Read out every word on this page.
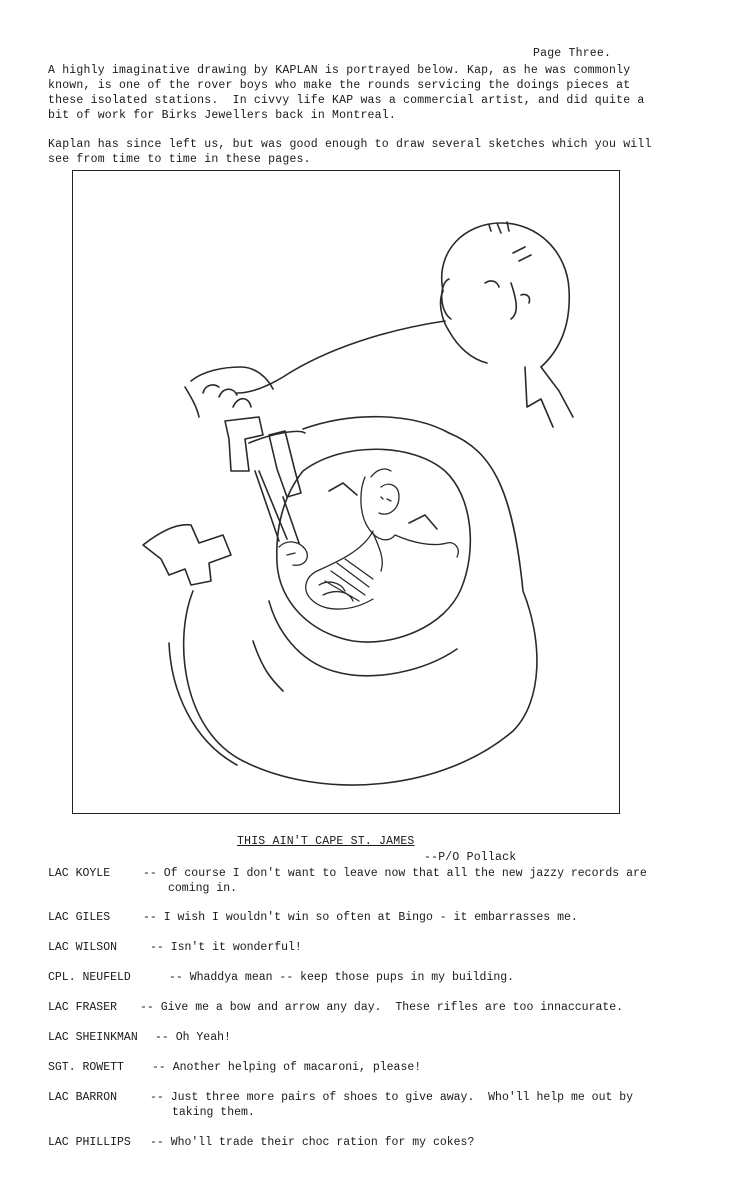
Page Three.
A highly imaginative drawing by KAPLAN is portrayed below. Kap, as he was commonly
known, is one of the rover boys who make the rounds servicing the doings pieces at
these isolated stations.  In civvy life KAP was a commercial artist, and did quite a
bit of work for Birks Jewellers back in Montreal.
Kaplan has since left us, but was good enough to draw several sketches which you will
see from time to time in these pages.
THIS AIN'T CAPE ST. JAMES
--P/O Pollack
LAC KOYLE	-- Of course I don't want to leave now that all the new jazzy records are
coming in.
LAC GILES	-- I wish I wouldn't win so often at Bingo - it embarrasses me.
LAC WILSON	-- Isn't it wonderful!
CPL. NEUFELD	-- Whaddya mean -- keep those pups in my building.
LAC FRASER -- Give me a bow and arrow any day.  These rifles are too innaccurate.
LAC SHEINKMAN -- Oh Yeah!
SGT. ROWETT -- Another helping of macaroni, please!
LAC BARRON	-- Just three more pairs of shoes to give away.  Who'll help me out by
taking them.
LAC PHILLIPS -- Who'll trade their choc ration for my cokes?
